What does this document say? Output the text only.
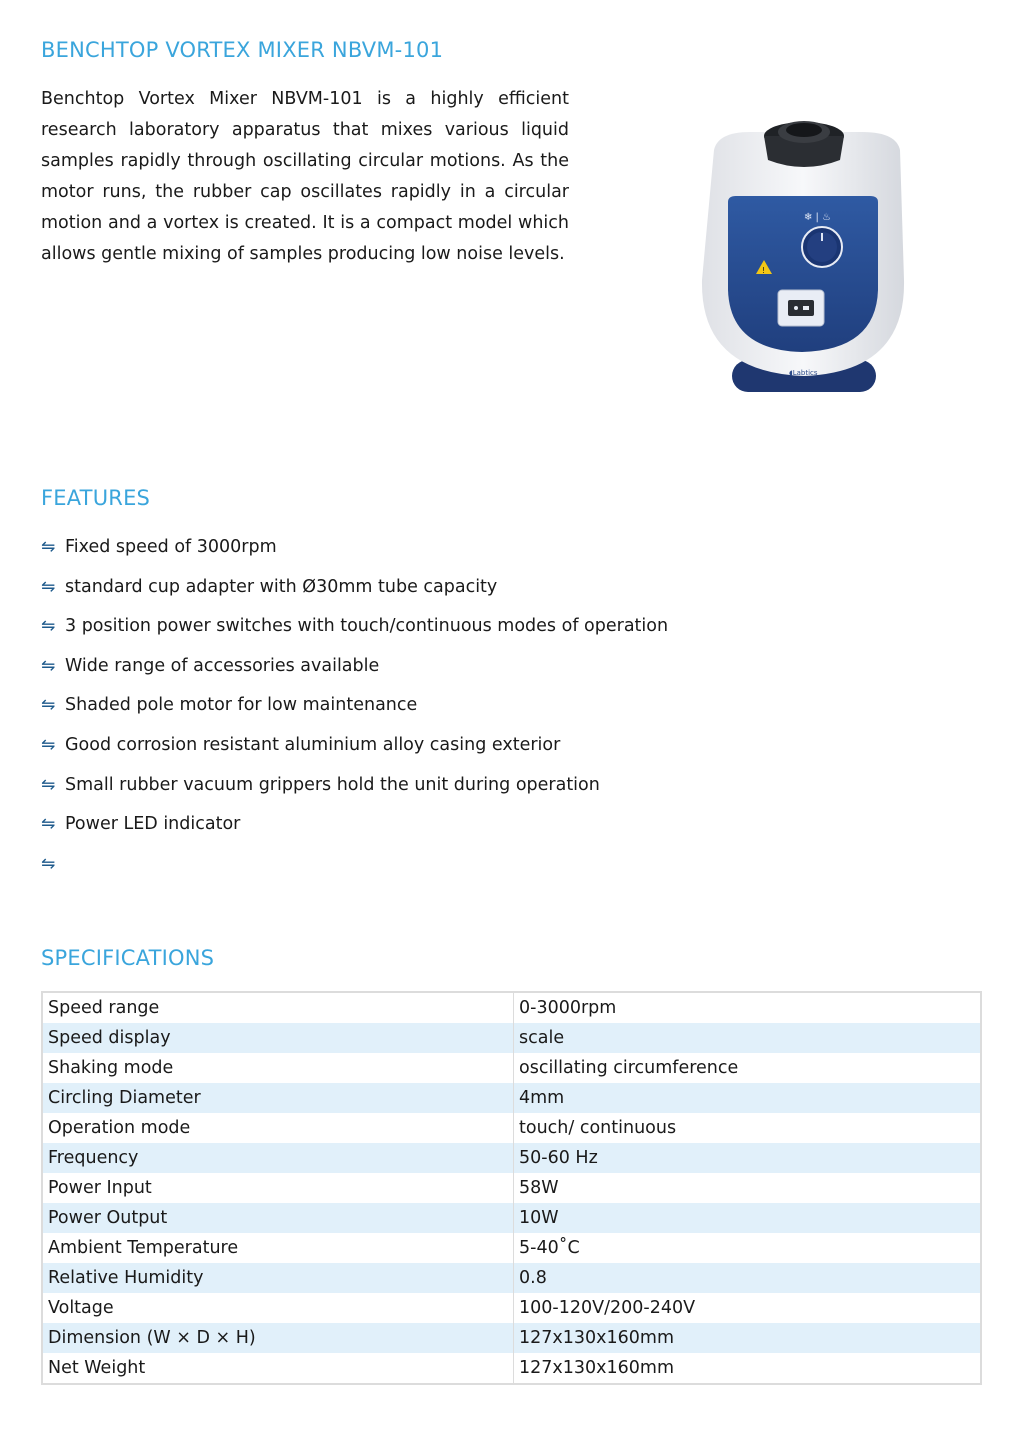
BENCHTOP VORTEX MIXER NBVM-101

Benchtop Vortex Mixer NBVM-101 is a highly efficient research laboratory apparatus that mixes various liquid samples rapidly through oscillating circular motions. As the motor runs, the rubber cap oscillates rapidly in a circular motion and a vortex is created. It is a compact model which allows gentle mixing of samples producing low noise levels.

❄ | ♨
!
◖Labtics
FEATURES
⇋ Fixed speed of 3000rpm
⇋ standard cup adapter with Ø30mm tube capacity
⇋ 3 position power switches with touch/continuous modes of operation
⇋ Wide range of accessories available
⇋ Shaded pole motor for low maintenance
⇋ Good corrosion resistant aluminium alloy casing exterior
⇋ Small rubber vacuum grippers hold the unit during operation
⇋ Power LED indicator
⇋
SPECIFICATIONS
Speed range	0-3000rpm
Speed display	scale
Shaking mode	oscillating circumference
Circling Diameter	4mm
Operation mode	touch/ continuous
Frequency	50-60 Hz
Power Input	58W
Power Output	10W
Ambient Temperature	5-40˚C
Relative Humidity	0.8
Voltage	100-120V/200-240V
Dimension (W × D × H)	127x130x160mm
Net Weight	127x130x160mm
